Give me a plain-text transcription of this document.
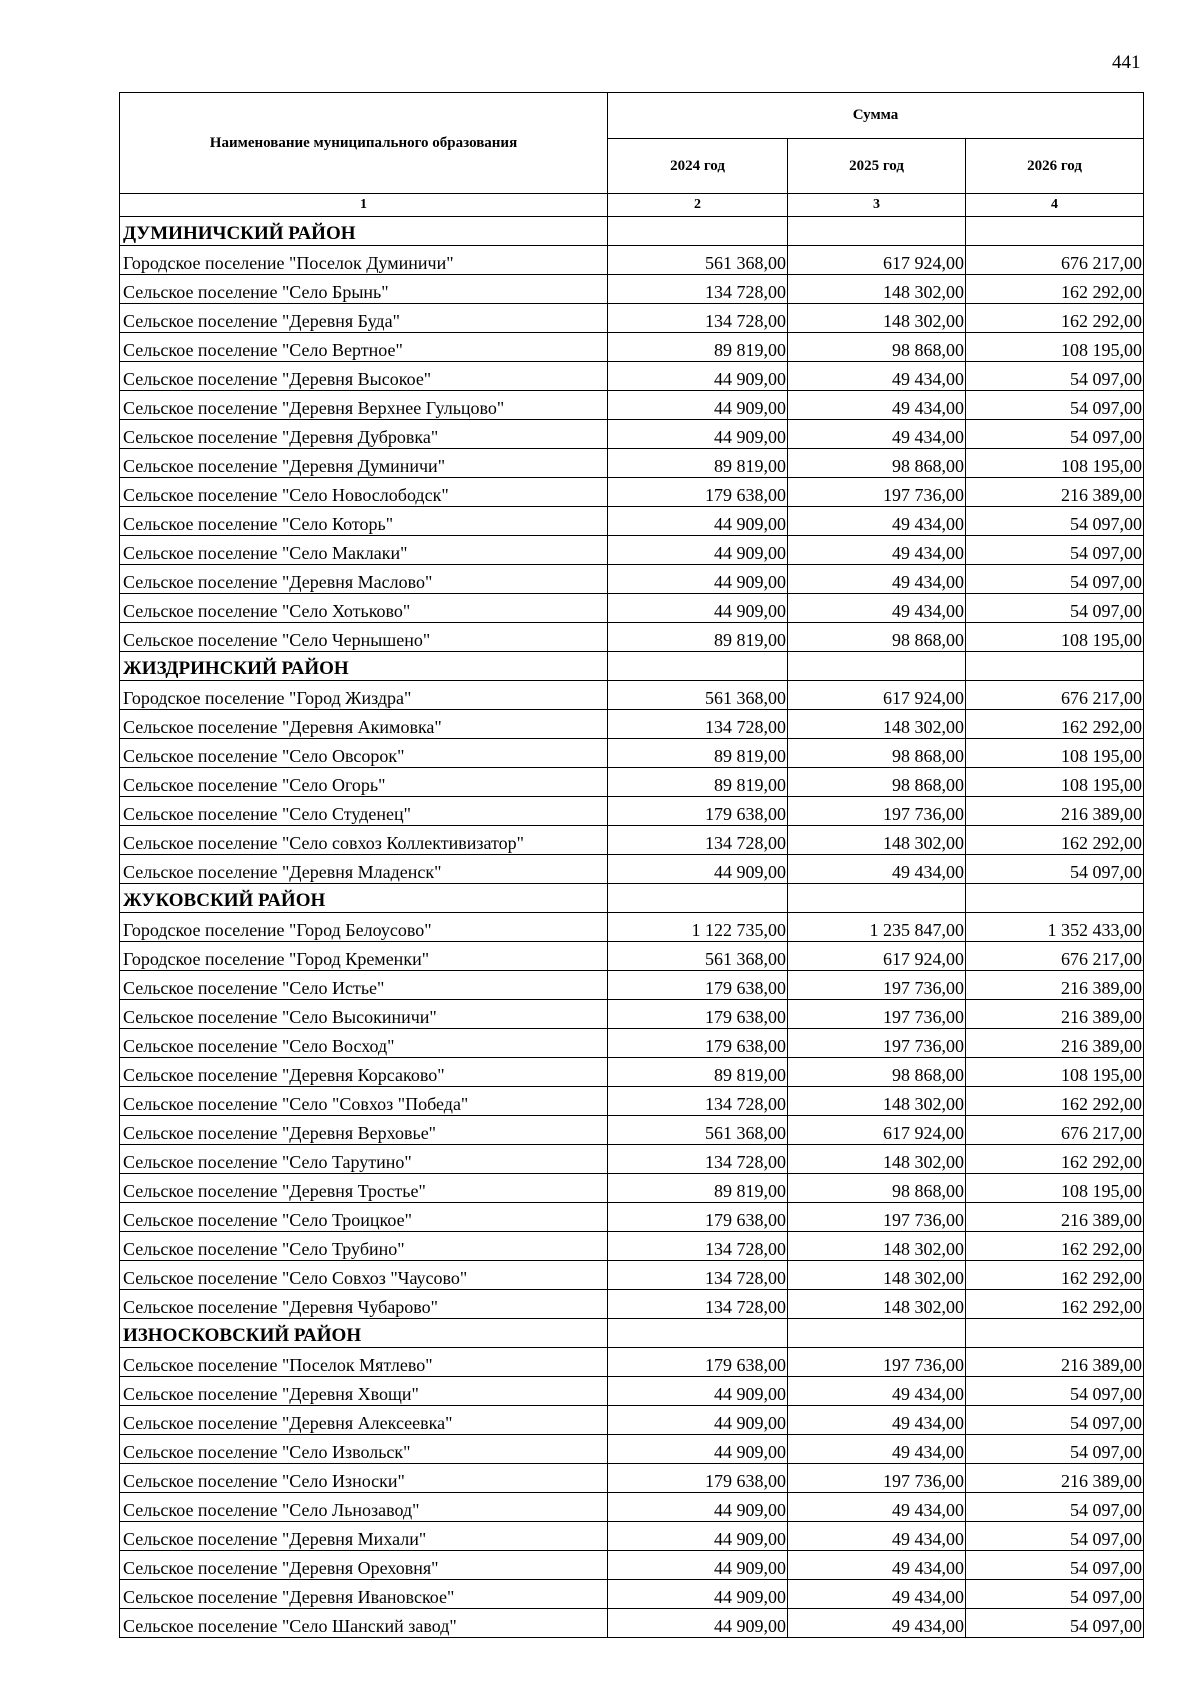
441
Наименование муниципального образования	Сумма		
	2024 год	2025 год	2026 год
1	2	3	4
ДУМИНИЧСКИЙ РАЙОН			
Городское поселение "Поселок Думиничи"	561 368,00	617 924,00	676 217,00
Сельское поселение "Село Брынь"	134 728,00	148 302,00	162 292,00
Сельское поселение "Деревня Буда"	134 728,00	148 302,00	162 292,00
Сельское поселение "Село Вертное"	89 819,00	98 868,00	108 195,00
Сельское поселение "Деревня Высокое"	44 909,00	49 434,00	54 097,00
Сельское поселение "Деревня Верхнее Гульцово"	44 909,00	49 434,00	54 097,00
Сельское поселение "Деревня Дубровка"	44 909,00	49 434,00	54 097,00
Сельское поселение "Деревня Думиничи"	89 819,00	98 868,00	108 195,00
Сельское поселение "Село Новослободск"	179 638,00	197 736,00	216 389,00
Сельское поселение "Село Которь"	44 909,00	49 434,00	54 097,00
Сельское поселение "Село Маклаки"	44 909,00	49 434,00	54 097,00
Сельское поселение "Деревня Маслово"	44 909,00	49 434,00	54 097,00
Сельское поселение "Село Хотьково"	44 909,00	49 434,00	54 097,00
Сельское поселение "Село Чернышено"	89 819,00	98 868,00	108 195,00
ЖИЗДРИНСКИЙ РАЙОН			
Городское поселение "Город Жиздра"	561 368,00	617 924,00	676 217,00
Сельское поселение "Деревня Акимовка"	134 728,00	148 302,00	162 292,00
Сельское поселение "Село Овсорок"	89 819,00	98 868,00	108 195,00
Сельское поселение "Село Огорь"	89 819,00	98 868,00	108 195,00
Сельское поселение "Село Студенец"	179 638,00	197 736,00	216 389,00
Сельское поселение "Село совхоз Коллективизатор"	134 728,00	148 302,00	162 292,00
Сельское поселение "Деревня Младенск"	44 909,00	49 434,00	54 097,00
ЖУКОВСКИЙ РАЙОН			
Городское поселение "Город Белоусово"	1 122 735,00	1 235 847,00	1 352 433,00
Городское поселение "Город Кременки"	561 368,00	617 924,00	676 217,00
Сельское поселение "Село Истье"	179 638,00	197 736,00	216 389,00
Сельское поселение "Село Высокиничи"	179 638,00	197 736,00	216 389,00
Сельское поселение "Село Восход"	179 638,00	197 736,00	216 389,00
Сельское поселение "Деревня Корсаково"	89 819,00	98 868,00	108 195,00
Сельское поселение "Село "Совхоз "Победа"	134 728,00	148 302,00	162 292,00
Сельское поселение "Деревня Верховье"	561 368,00	617 924,00	676 217,00
Сельское поселение "Село Тарутино"	134 728,00	148 302,00	162 292,00
Сельское поселение "Деревня Тростье"	89 819,00	98 868,00	108 195,00
Сельское поселение "Село Троицкое"	179 638,00	197 736,00	216 389,00
Сельское поселение "Село Трубино"	134 728,00	148 302,00	162 292,00
Сельское поселение "Село Совхоз "Чаусово"	134 728,00	148 302,00	162 292,00
Сельское поселение "Деревня Чубарово"	134 728,00	148 302,00	162 292,00
ИЗНОСКОВСКИЙ РАЙОН			
Сельское поселение "Поселок Мятлево"	179 638,00	197 736,00	216 389,00
Сельское поселение "Деревня Хвощи"	44 909,00	49 434,00	54 097,00
Сельское поселение "Деревня Алексеевка"	44 909,00	49 434,00	54 097,00
Сельское поселение "Село Извольск"	44 909,00	49 434,00	54 097,00
Сельское поселение "Село Износки"	179 638,00	197 736,00	216 389,00
Сельское поселение "Село Льнозавод"	44 909,00	49 434,00	54 097,00
Сельское поселение "Деревня Михали"	44 909,00	49 434,00	54 097,00
Сельское поселение "Деревня Ореховня"	44 909,00	49 434,00	54 097,00
Сельское поселение "Деревня Ивановское"	44 909,00	49 434,00	54 097,00
Сельское поселение "Село Шанский завод"	44 909,00	49 434,00	54 097,00
